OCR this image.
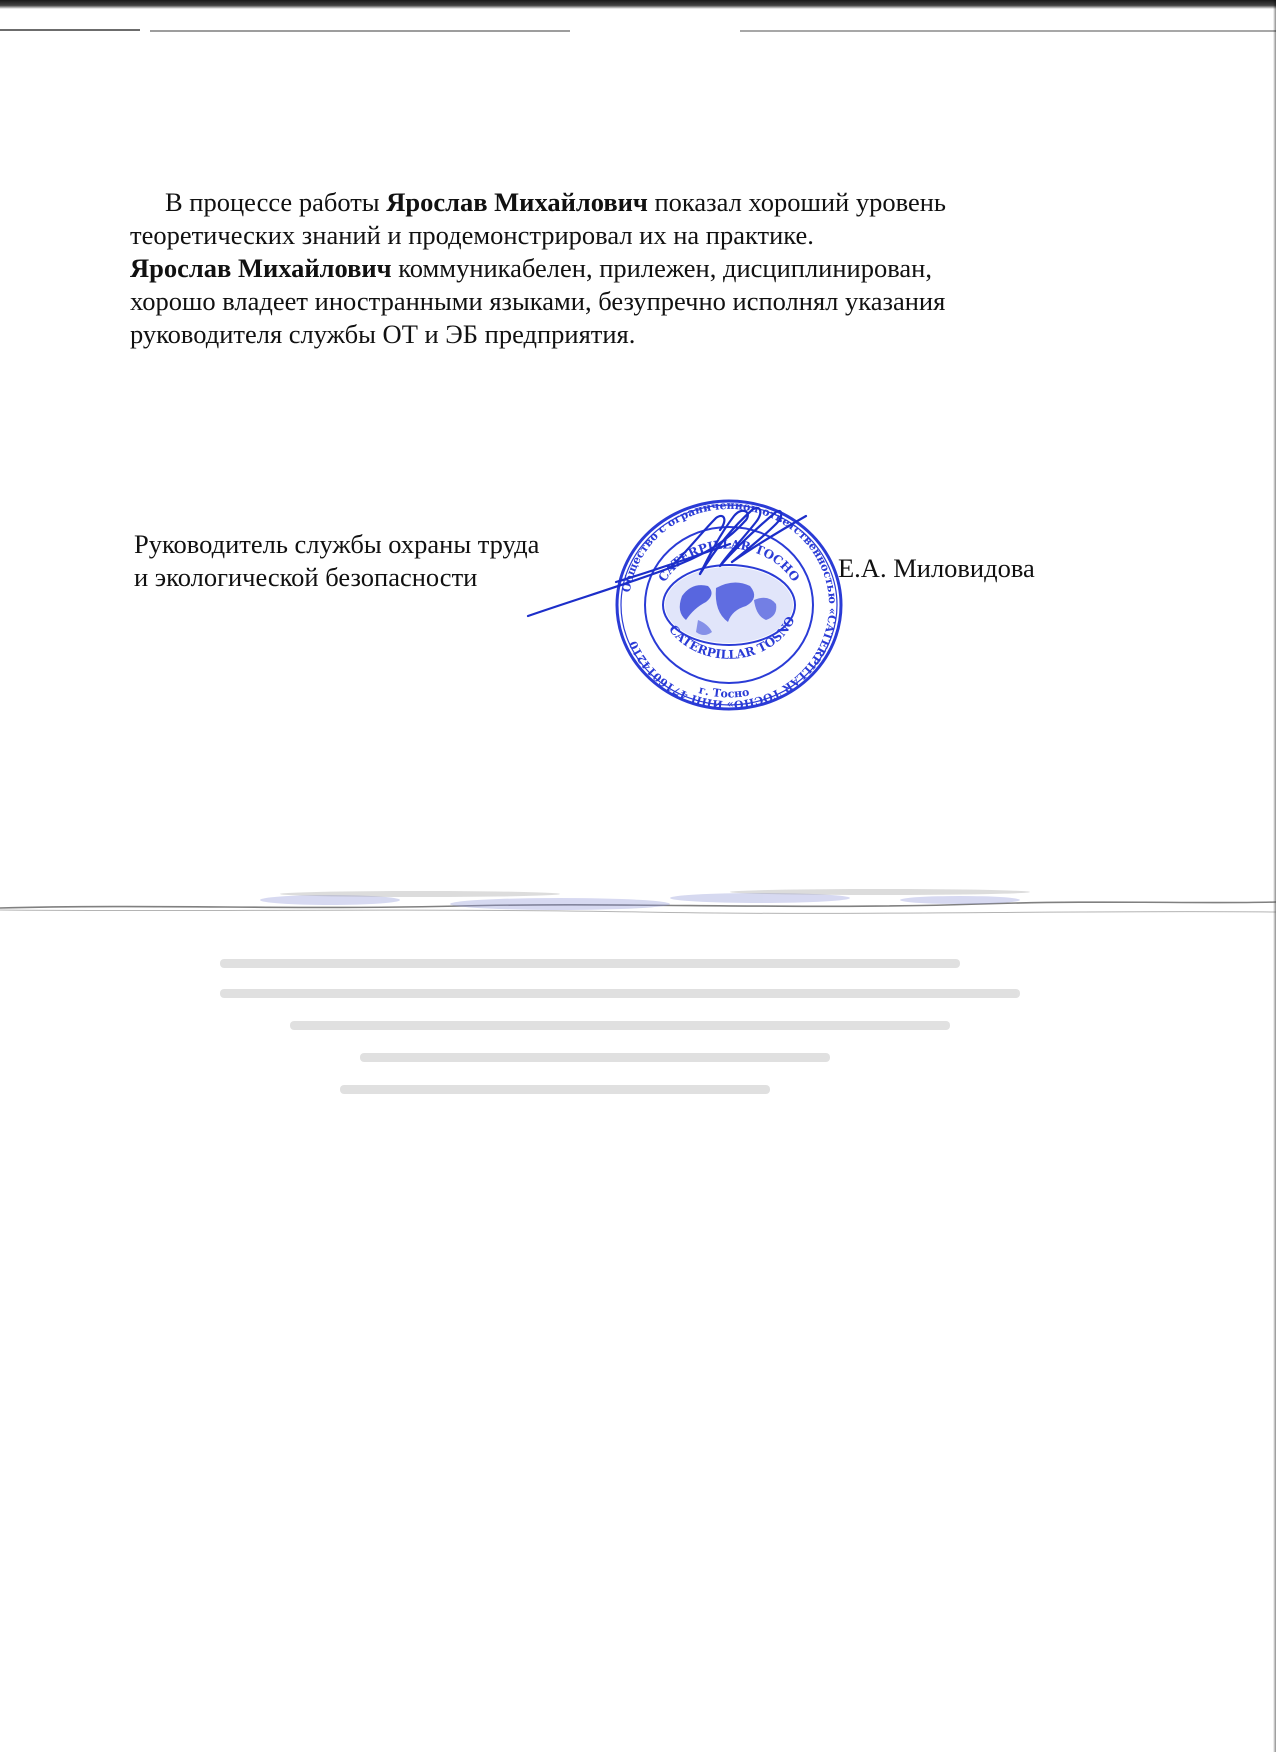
В процессе работы Ярослав Михайлович показал хороший уровень
теоретических знаний и продемонстрировал их на практике.
Ярослав Михайлович коммуникабелен, прилежен, дисциплинирован,
хорошо владеет иностранными языками, безупречно исполнял указания
руководителя службы ОТ и ЭБ предприятия.
Руководитель службы охраны труда
и экологической безопасности	Е.А. Миловидова
Общество с ограниченной ответственностью «CATERPILLAR ТОСНО» ИНН 4716014210
CATERPILLAR ТОСНО
CATERPILLAR TOSNO
г. Тосно
